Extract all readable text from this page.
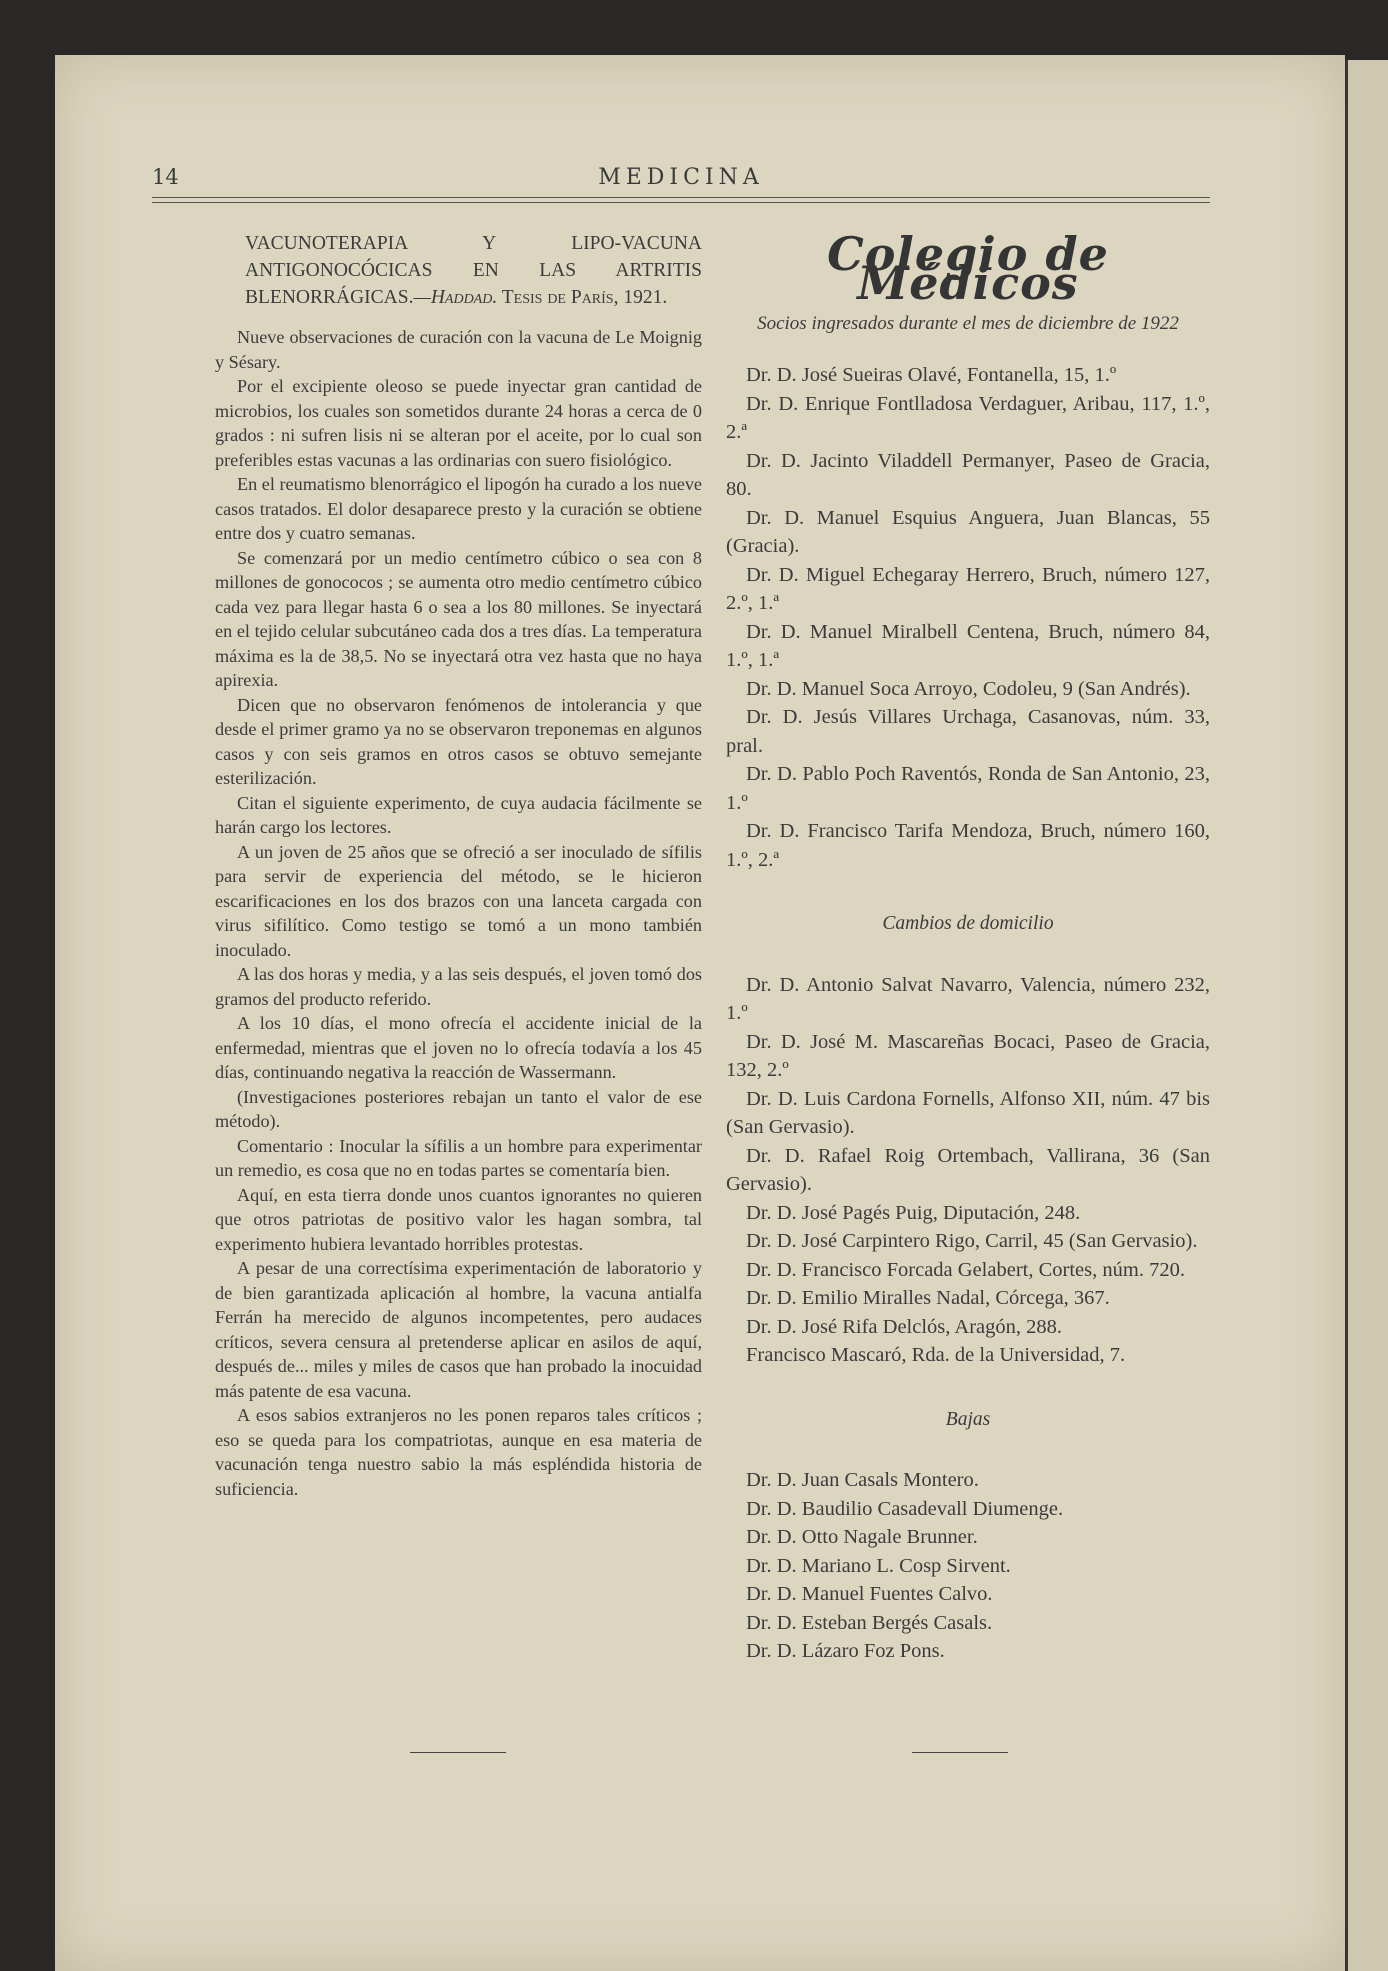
14	MEDICINA

VACUNOTERAPIA Y LIPO-VACUNA ANTIGONOCÓCICAS EN LAS ARTRITIS BLENORRÁGICAS.—Haddad. Tesis de París, 1921.

Nueve observaciones de curación con la vacuna de Le Moignig y Sésary.

Por el excipiente oleoso se puede inyectar gran cantidad de microbios, los cuales son sometidos durante 24 horas a cerca de 0 grados : ni sufren lisis ni se alteran por el aceite, por lo cual son preferibles estas vacunas a las ordinarias con suero fisiológico.

En el reumatismo blenorrágico el lipogón ha curado a los nueve casos tratados. El dolor desaparece presto y la curación se obtiene entre dos y cuatro semanas.

Se comenzará por un medio centímetro cúbico o sea con 8 millones de gonococos ; se aumenta otro medio centímetro cúbico cada vez para llegar hasta 6 o sea a los 80 millones. Se inyectará en el tejido celular subcutáneo cada dos a tres días. La temperatura máxima es la de 38,5. No se inyectará otra vez hasta que no haya apirexia.

Dicen que no observaron fenómenos de intolerancia y que desde el primer gramo ya no se observaron treponemas en algunos casos y con seis gramos en otros casos se obtuvo semejante esterilización.

Citan el siguiente experimento, de cuya audacia fácilmente se harán cargo los lectores.

A un joven de 25 años que se ofreció a ser inoculado de sífilis para servir de experiencia del método, se le hicieron escarificaciones en los dos brazos con una lanceta cargada con virus sifilítico. Como testigo se tomó a un mono también inoculado.

A las dos horas y media, y a las seis después, el joven tomó dos gramos del producto referido.

A los 10 días, el mono ofrecía el accidente inicial de la enfermedad, mientras que el joven no lo ofrecía todavía a los 45 días, continuando negativa la reacción de Wassermann.

(Investigaciones posteriores rebajan un tanto el valor de ese método).

Comentario : Inocular la sífilis a un hombre para experimentar un remedio, es cosa que no en todas partes se comentaría bien.

Aquí, en esta tierra donde unos cuantos ignorantes no quieren que otros patriotas de positivo valor les hagan sombra, tal experimento hubiera levantado horribles protestas.

A pesar de una correctísima experimentación de laboratorio y de bien garantizada aplicación al hombre, la vacuna antialfa Ferrán ha merecido de algunos incompetentes, pero audaces críticos, severa censura al pretenderse aplicar en asilos de aquí, después de... miles y miles de casos que han probado la inocuidad más patente de esa vacuna.

A esos sabios extranjeros no les ponen reparos tales críticos ; eso se queda para los compatriotas, aunque en esa materia de vacunación tenga nuestro sabio la más espléndida historia de suficiencia.

Colegio de Médicos

Socios ingresados durante el mes de diciembre de 1922

Dr. D. José Sueiras Olavé, Fontanella, 15, 1.º

Dr. D. Enrique Fontlladosa Verdaguer, Aribau, 117, 1.º, 2.ª

Dr. D. Jacinto Viladdell Permanyer, Paseo de Gracia, 80.

Dr. D. Manuel Esquius Anguera, Juan Blancas, 55 (Gracia).

Dr. D. Miguel Echegaray Herrero, Bruch, número 127, 2.º, 1.ª

Dr. D. Manuel Miralbell Centena, Bruch, número 84, 1.º, 1.ª

Dr. D. Manuel Soca Arroyo, Codoleu, 9 (San Andrés).

Dr. D. Jesús Villares Urchaga, Casanovas, núm. 33, pral.

Dr. D. Pablo Poch Raventós, Ronda de San Antonio, 23, 1.º

Dr. D. Francisco Tarifa Mendoza, Bruch, número 160, 1.º, 2.ª

Cambios de domicilio

Dr. D. Antonio Salvat Navarro, Valencia, número 232, 1.º

Dr. D. José M. Mascareñas Bocaci, Paseo de Gracia, 132, 2.º

Dr. D. Luis Cardona Fornells, Alfonso XII, núm. 47 bis (San Gervasio).

Dr. D. Rafael Roig Ortembach, Vallirana, 36 (San Gervasio).

Dr. D. José Pagés Puig, Diputación, 248.

Dr. D. José Carpintero Rigo, Carril, 45 (San Gervasio).

Dr. D. Francisco Forcada Gelabert, Cortes, núm. 720.

Dr. D. Emilio Miralles Nadal, Córcega, 367.

Dr. D. José Rifa Delclós, Aragón, 288.

Francisco Mascaró, Rda. de la Universidad, 7.

Bajas

Dr. D. Juan Casals Montero.

Dr. D. Baudilio Casadevall Diumenge.

Dr. D. Otto Nagale Brunner.

Dr. D. Mariano L. Cosp Sirvent.

Dr. D. Manuel Fuentes Calvo.

Dr. D. Esteban Bergés Casals.

Dr. D. Lázaro Foz Pons.
